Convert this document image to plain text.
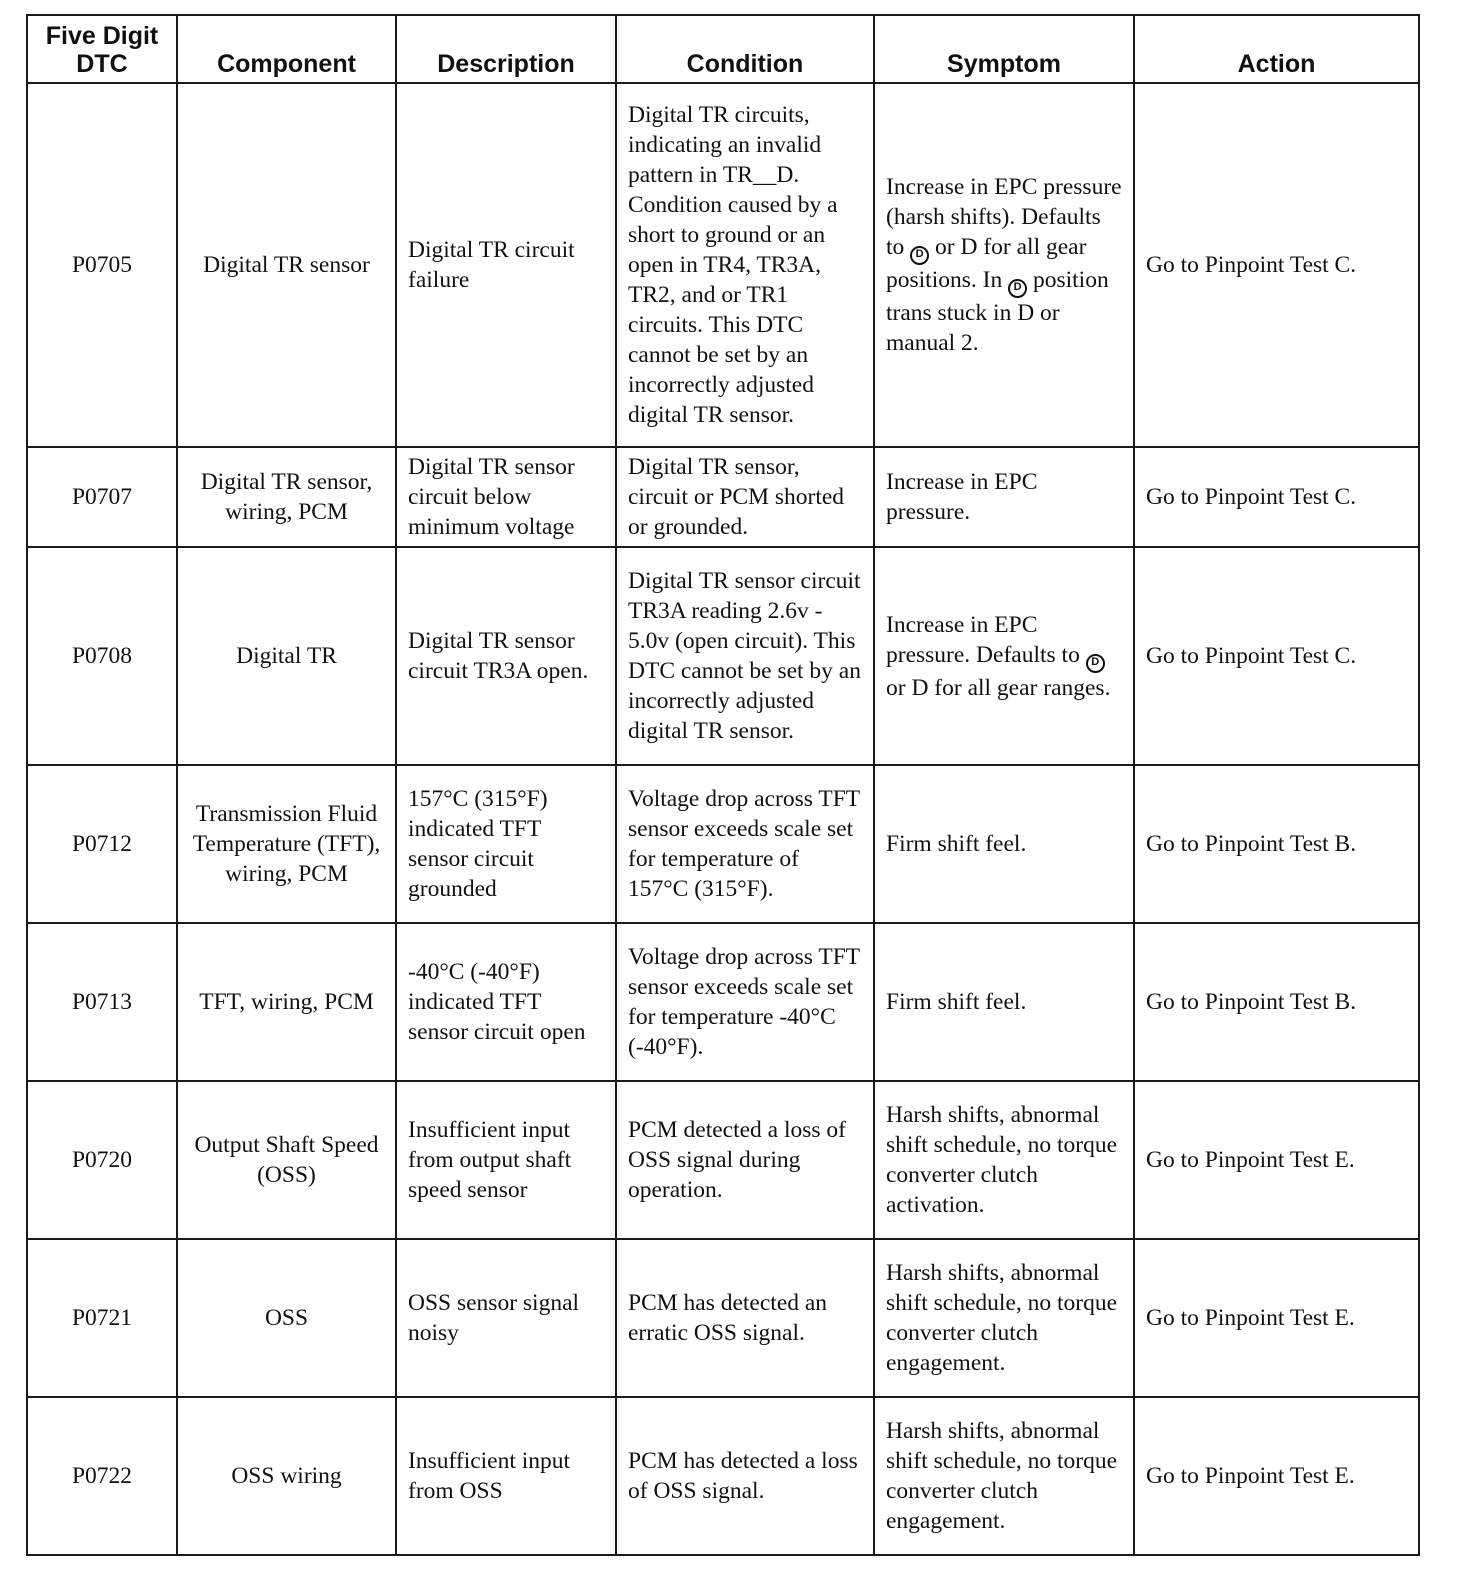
Five Digit DTC	Component	Description	Condition	Symptom	Action
P0705	Digital TR sensor	Digital TR circuit failure	Digital TR circuits, indicating an invalid pattern in TR__D. Condition caused by a short to ground or an open in TR4, TR3A, TR2, and or TR1 circuits. This DTC cannot be set by an incorrectly adjusted digital TR sensor.	Increase in EPC pressure (harsh shifts). Defaults to D or D for all gear positions. In D position trans stuck in D or manual 2.	Go to Pinpoint Test C.
P0707	Digital TR sensor, wiring, PCM	Digital TR sensor circuit below minimum voltage	Digital TR sensor, circuit or PCM shorted or grounded.	Increase in EPC pressure.	Go to Pinpoint Test C.
P0708	Digital TR	Digital TR sensor circuit TR3A open.	Digital TR sensor circuit TR3A reading 2.6v - 5.0v (open circuit). This DTC cannot be set by an incorrectly adjusted digital TR sensor.	Increase in EPC pressure. Defaults to D or D for all gear ranges.	Go to Pinpoint Test C.
P0712	Transmission Fluid Temperature (TFT), wiring, PCM	157°C (315°F) indicated TFT sensor circuit grounded	Voltage drop across TFT sensor exceeds scale set for temperature of 157°C (315°F).	Firm shift feel.	Go to Pinpoint Test B.
P0713	TFT, wiring, PCM	-40°C (-40°F) indicated TFT sensor circuit open	Voltage drop across TFT sensor exceeds scale set for temperature -40°C (-40°F).	Firm shift feel.	Go to Pinpoint Test B.
P0720	Output Shaft Speed (OSS)	Insufficient input from output shaft speed sensor	PCM detected a loss of OSS signal during operation.	Harsh shifts, abnormal shift schedule, no torque converter clutch activation.	Go to Pinpoint Test E.
P0721	OSS	OSS sensor signal noisy	PCM has detected an erratic OSS signal.	Harsh shifts, abnormal shift schedule, no torque converter clutch engagement.	Go to Pinpoint Test E.
P0722	OSS wiring	Insufficient input from OSS	PCM has detected a loss of OSS signal.	Harsh shifts, abnormal shift schedule, no torque converter clutch engagement.	Go to Pinpoint Test E.
